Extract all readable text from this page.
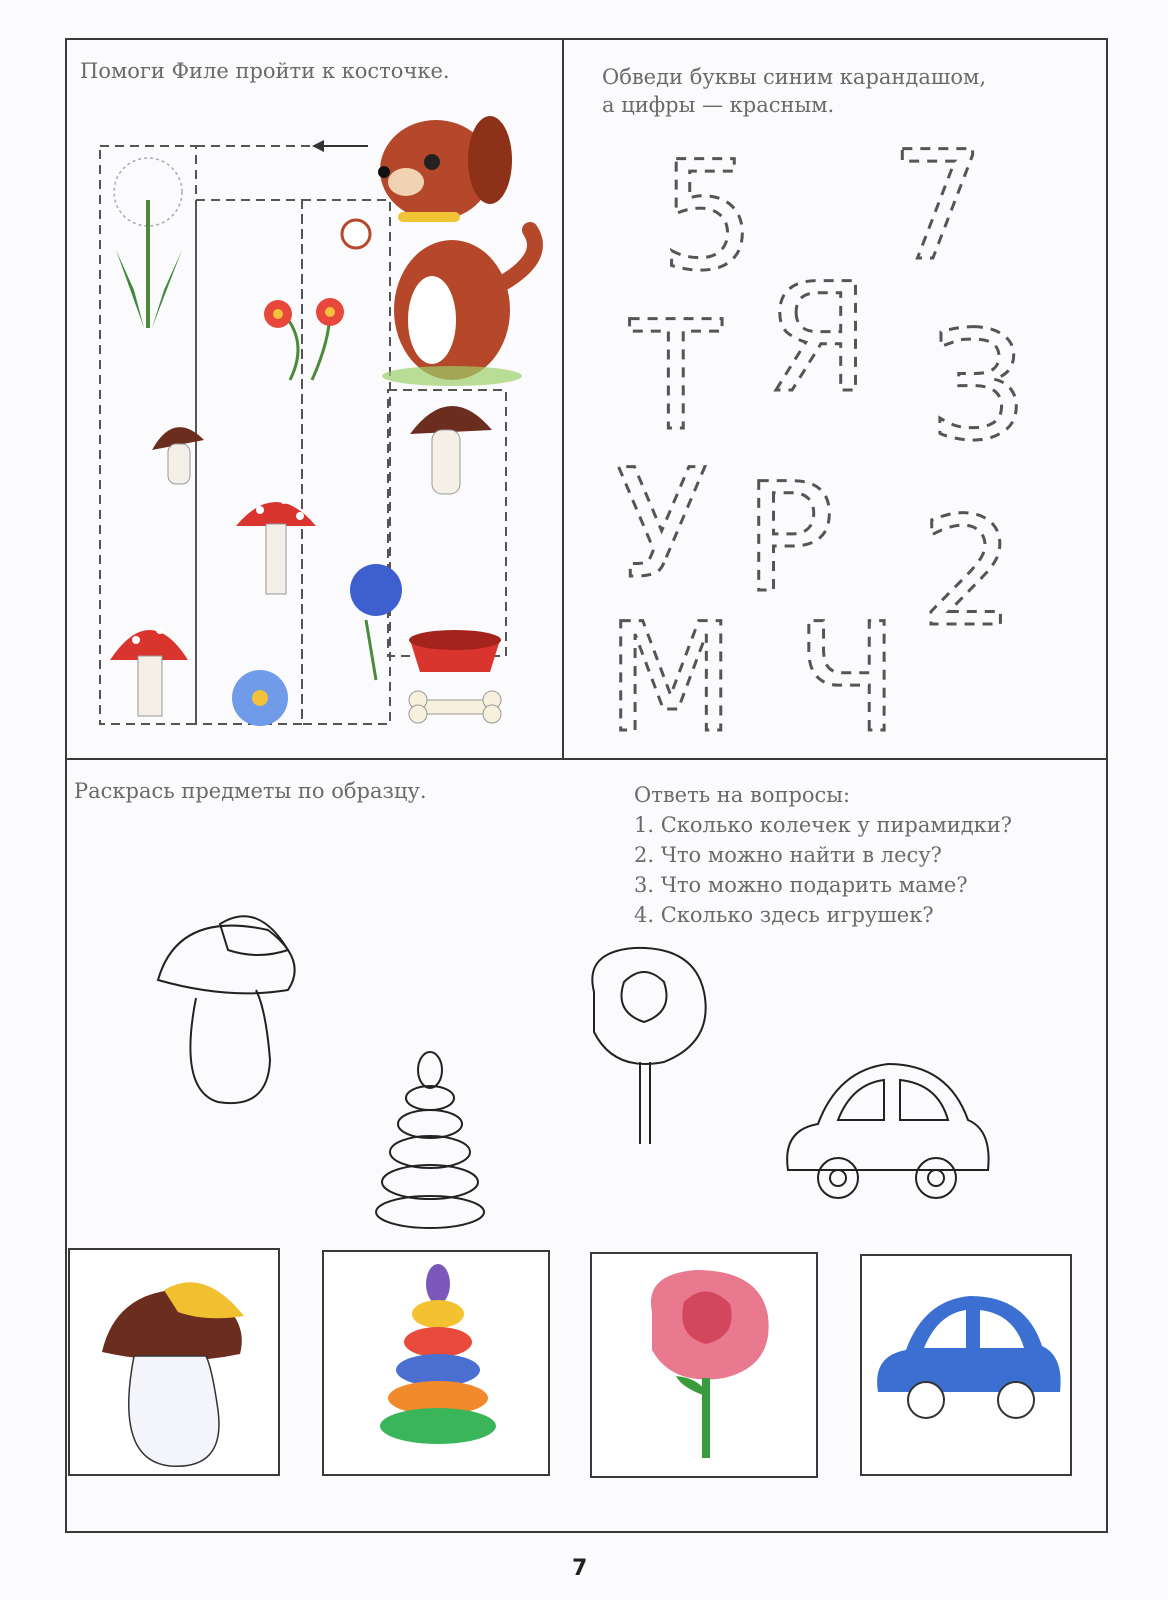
Помоги Филе пройти к косточке.	Обведи буквы синим карандашом,
а цифры — красным.
5 7
Т Я З
У Р 2
М Ч
Раскрась предметы по образцу.	Ответь на вопросы:
1. Сколько колечек у пирамидки?
2. Что можно найти в лесу?
3. Что можно подарить маме?
4. Сколько здесь игрушек?
7
